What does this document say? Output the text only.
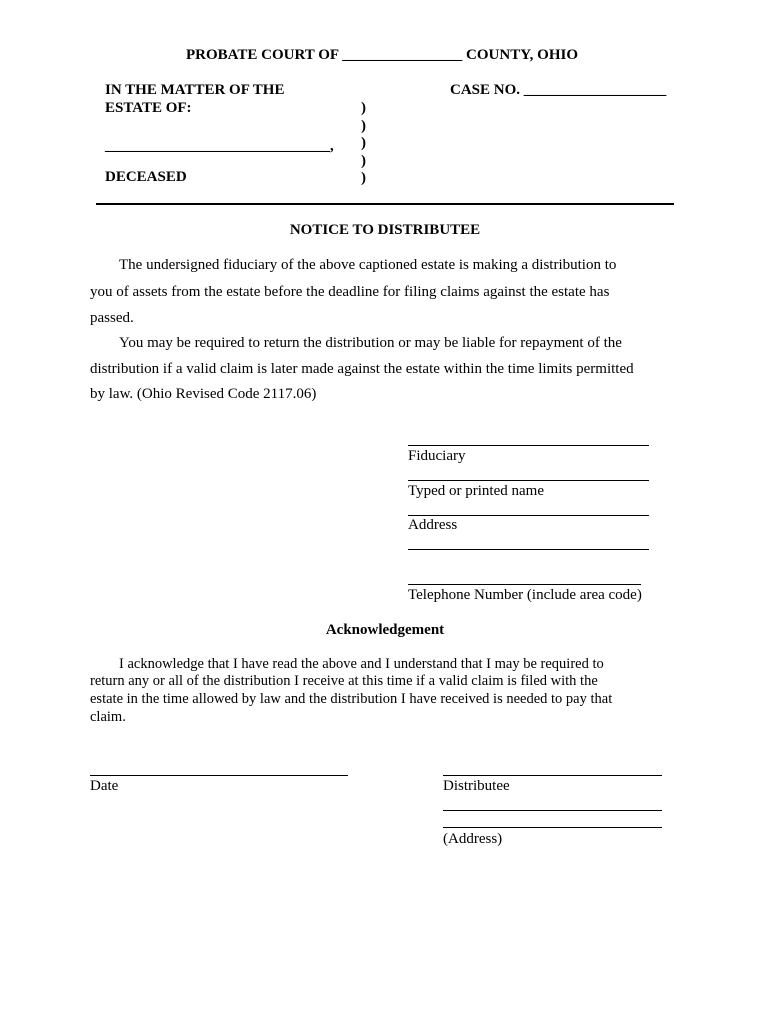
PROBATE COURT OF ________________ COUNTY, OHIO
IN THE MATTER OF THE
ESTATE OF:
______________________________,
DECEASED
)
)
)
)
)
CASE NO. ___________________
NOTICE TO DISTRIBUTEE
The undersigned fiduciary of the above captioned estate is making a distribution to
you of assets from the estate before the deadline for filing claims against the estate has
passed.
You may be required to return the distribution or may be liable for repayment of the
distribution if a valid claim is later made against the estate within the time limits permitted
by law. (Ohio Revised Code 2117.06)
Fiduciary
Typed or printed name
Address
Telephone Number (include area code)
Acknowledgement
I acknowledge that I have read the above and I understand that I may be required to
return any or all of the distribution I receive at this time if a valid claim is filed with the
estate in the time allowed by law and the distribution I have received is needed to pay that
claim.
Date	Distributee
(Address)
